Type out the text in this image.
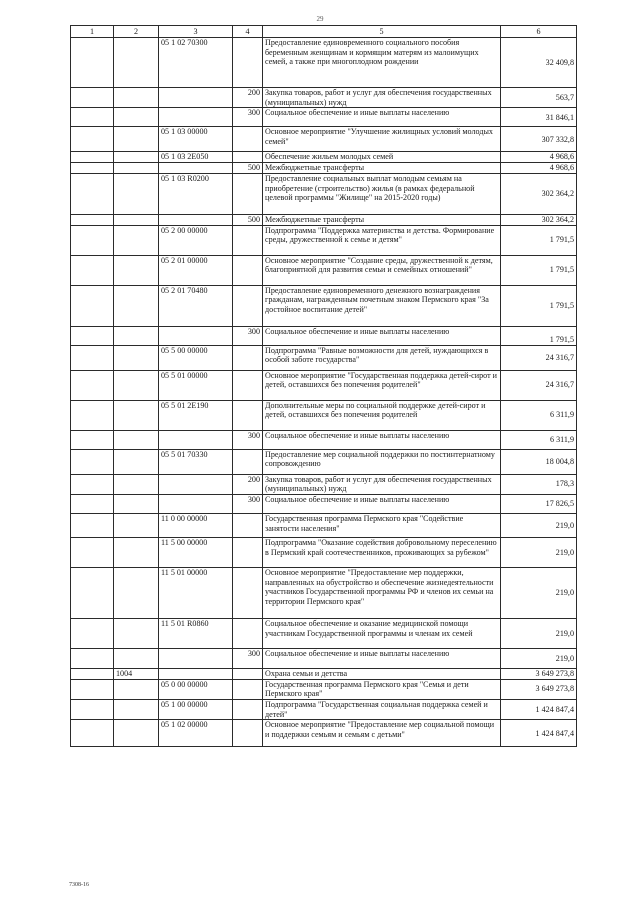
29
1	2	3	4	5	6
		05 1 02 70300		Предоставление единовременного социального пособия беременным женщинам и кормящим матерям из малоимущих семей, а также при многоплодном рождении	32 409,8
			200	Закупка товаров, работ и услуг для обеспечения государственных (муниципальных) нужд	563,7
			300	Социальное обеспечение и иные выплаты населению	31 846,1
		05 1 03 00000		Основное мероприятие "Улучшение жилищных условий молодых семей"	307 332,8
		05 1 03 2Е050		Обеспечение жильем молодых семей	4 968,6
			500	Межбюджетные трансферты	4 968,6
		05 1 03 R0200		Предоставление социальных выплат молодым семьям на приобретение (строительство) жилья (в рамках федеральной целевой программы "Жилище" на 2015-2020 годы)	302 364,2
			500	Межбюджетные трансферты	302 364,2
		05 2 00 00000		Подпрограмма "Поддержка материнства и детства. Формирование среды, дружественной к семье и детям"	1 791,5
		05 2 01 00000		Основное мероприятие "Создание среды, дружественной к детям, благоприятной для развития семьи и семейных отношений"	1 791,5
		05 2 01 70480		Предоставление единовременного денежного вознаграждения гражданам, награжденным почетным знаком Пермского края "За достойное воспитание детей"	1 791,5
			300	Социальное обеспечение и иные выплаты населению	1 791,5
		05 5 00 00000		Подпрограмма "Равные возможности для детей, нуждающихся в особой заботе государства"	24 316,7
		05 5 01 00000		Основное мероприятие "Государственная поддержка детей-сирот и детей, оставшихся без попечения родителей"	24 316,7
		05 5 01 2Е190		Дополнительные меры по социальной поддержке детей-сирот и детей, оставшихся без попечения родителей	6 311,9
			300	Социальное обеспечение и иные выплаты населению	6 311,9
		05 5 01 70330		Предоставление мер социальной поддержки по постинтернатному сопровождению	18 004,8
			200	Закупка товаров, работ и услуг для обеспечения государственных (муниципальных) нужд	178,3
			300	Социальное обеспечение и иные выплаты населению	17 826,5
		11 0 00 00000		Государственная программа Пермского края "Содействие занятости населения"	219,0
		11 5 00 00000		Подпрограмма "Оказание содействия добровольному переселению в Пермский край соотечественников, проживающих за рубежом"	219,0
		11 5 01 00000		Основное мероприятие "Предоставление мер поддержки, направленных на обустройство и обеспечение жизнедеятельности участников Государственной программы РФ и членов их семьи на территории Пермского края"	219,0
		11 5 01 R0860		Социальное обеспечение и оказание медицинской помощи участникам Государственной программы и членам их семей	219,0
			300	Социальное обеспечение и иные выплаты населению	219,0
	1004			Охрана семьи и детства	3 649 273,8
		05 0 00 00000		Государственная программа Пермского края "Семья и дети Пермского края"	3 649 273,8
		05 1 00 00000		Подпрограмма "Государственная социальная поддержка семей и детей"	1 424 847,4
		05 1 02 00000		Основное мероприятие "Предоставление мер социальной помощи и поддержки семьям и семьям с детьми"	1 424 847,4
7308-16
